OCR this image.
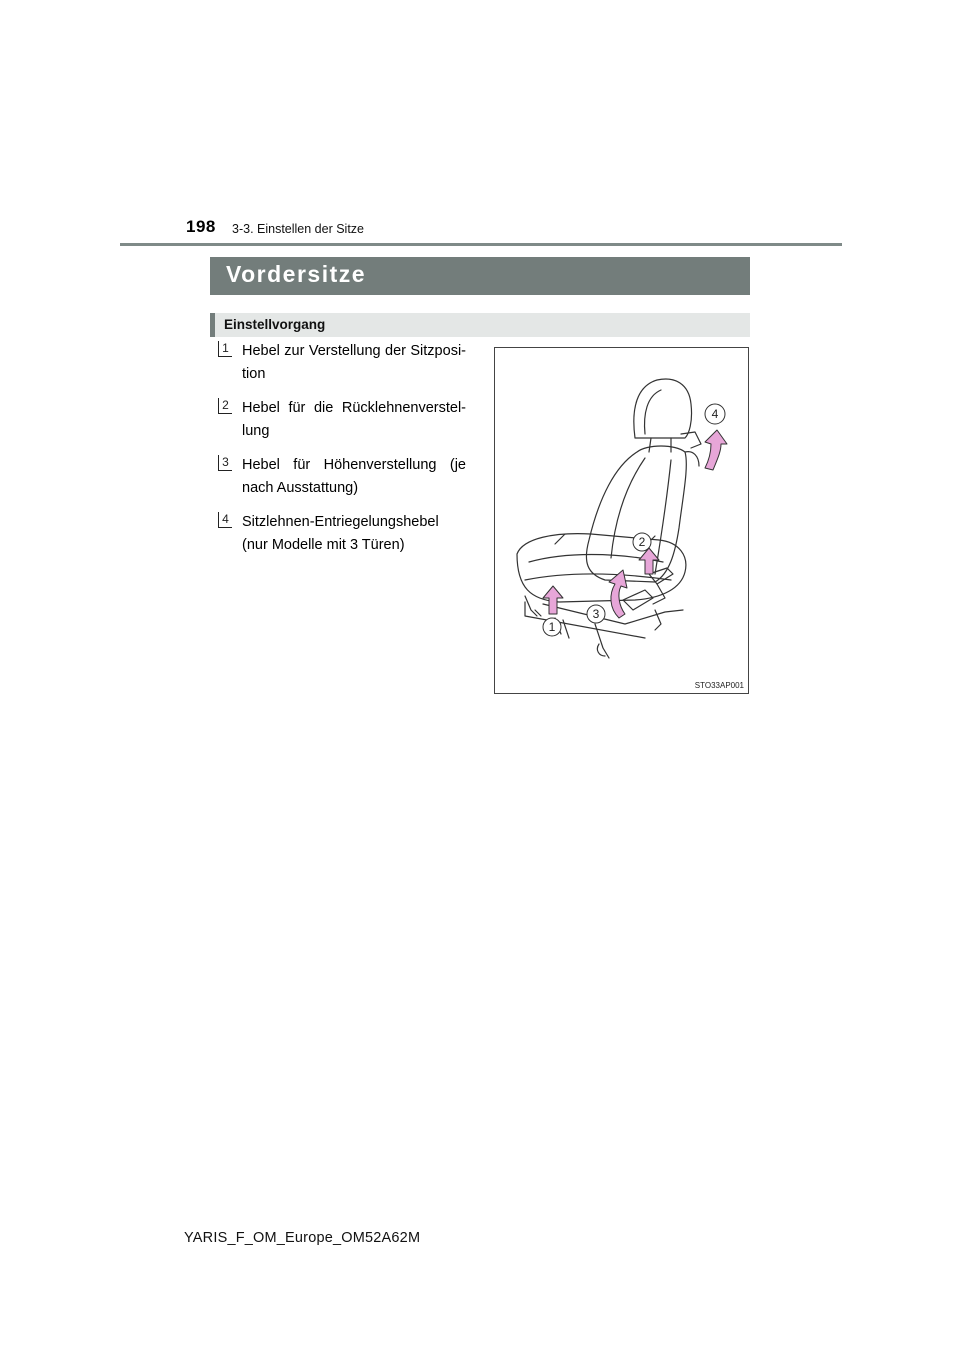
198 3-3. Einstellen der Sitze
Vordersitze
Einstellvorgang
1 Hebel zur Verstellung der Sitzposi-tion
2 Hebel für die Rücklehnenverstel-lung
3 Hebel für Höhenverstellung (je nach Ausstattung)
4 Sitzlehnen-Entriegelungshebel (nur Modelle mit 3 Türen)
4
2
3
1
STO33AP001
YARIS_F_OM_Europe_OM52A62M
